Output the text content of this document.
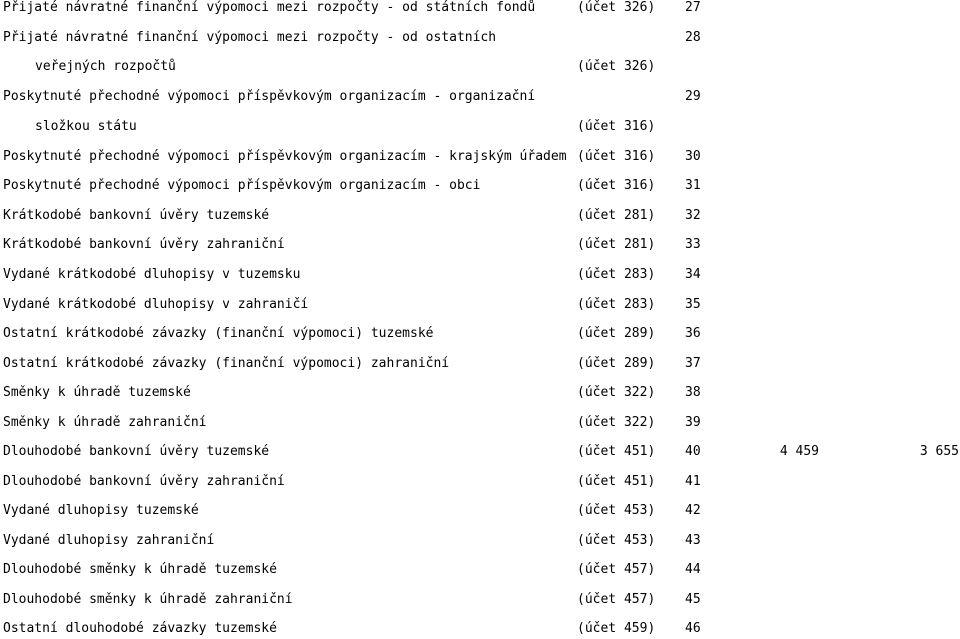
Přijaté návratné finanční výpomoci mezi rozpočty - od státních fondů	(účet 326) 27
Přijaté návratné finanční výpomoci mezi rozpočty - od ostatních	28
veřejných rozpočtů	(účet 326)
Poskytnuté přechodné výpomoci příspěvkovým organizacím - organizační	29
složkou státu	(účet 316)
Poskytnuté přechodné výpomoci příspěvkovým organizacím - krajským úřadem (účet 316) 30
Poskytnuté přechodné výpomoci příspěvkovým organizacím - obci	(účet 316) 31
Krátkodobé bankovní úvěry tuzemské	(účet 281) 32
Krátkodobé bankovní úvěry zahraniční	(účet 281) 33
Vydané krátkodobé dluhopisy v tuzemsku	(účet 283) 34
Vydané krátkodobé dluhopisy v zahraničí	(účet 283) 35
Ostatní krátkodobé závazky (finanční výpomoci) tuzemské	(účet 289) 36
Ostatní krátkodobé závazky (finanční výpomoci) zahraniční	(účet 289) 37
Směnky k úhradě tuzemské	(účet 322) 38
Směnky k úhradě zahraniční	(účet 322) 39
Dlouhodobé bankovní úvěry tuzemské	(účet 451) 40	4 459	3 655
Dlouhodobé bankovní úvěry zahraniční	(účet 451) 41
Vydané dluhopisy tuzemské	(účet 453) 42
Vydané dluhopisy zahraniční	(účet 453) 43
Dlouhodobé směnky k úhradě tuzemské	(účet 457) 44
Dlouhodobé směnky k úhradě zahraniční	(účet 457) 45
Ostatní dlouhodobé závazky tuzemské	(účet 459) 46
